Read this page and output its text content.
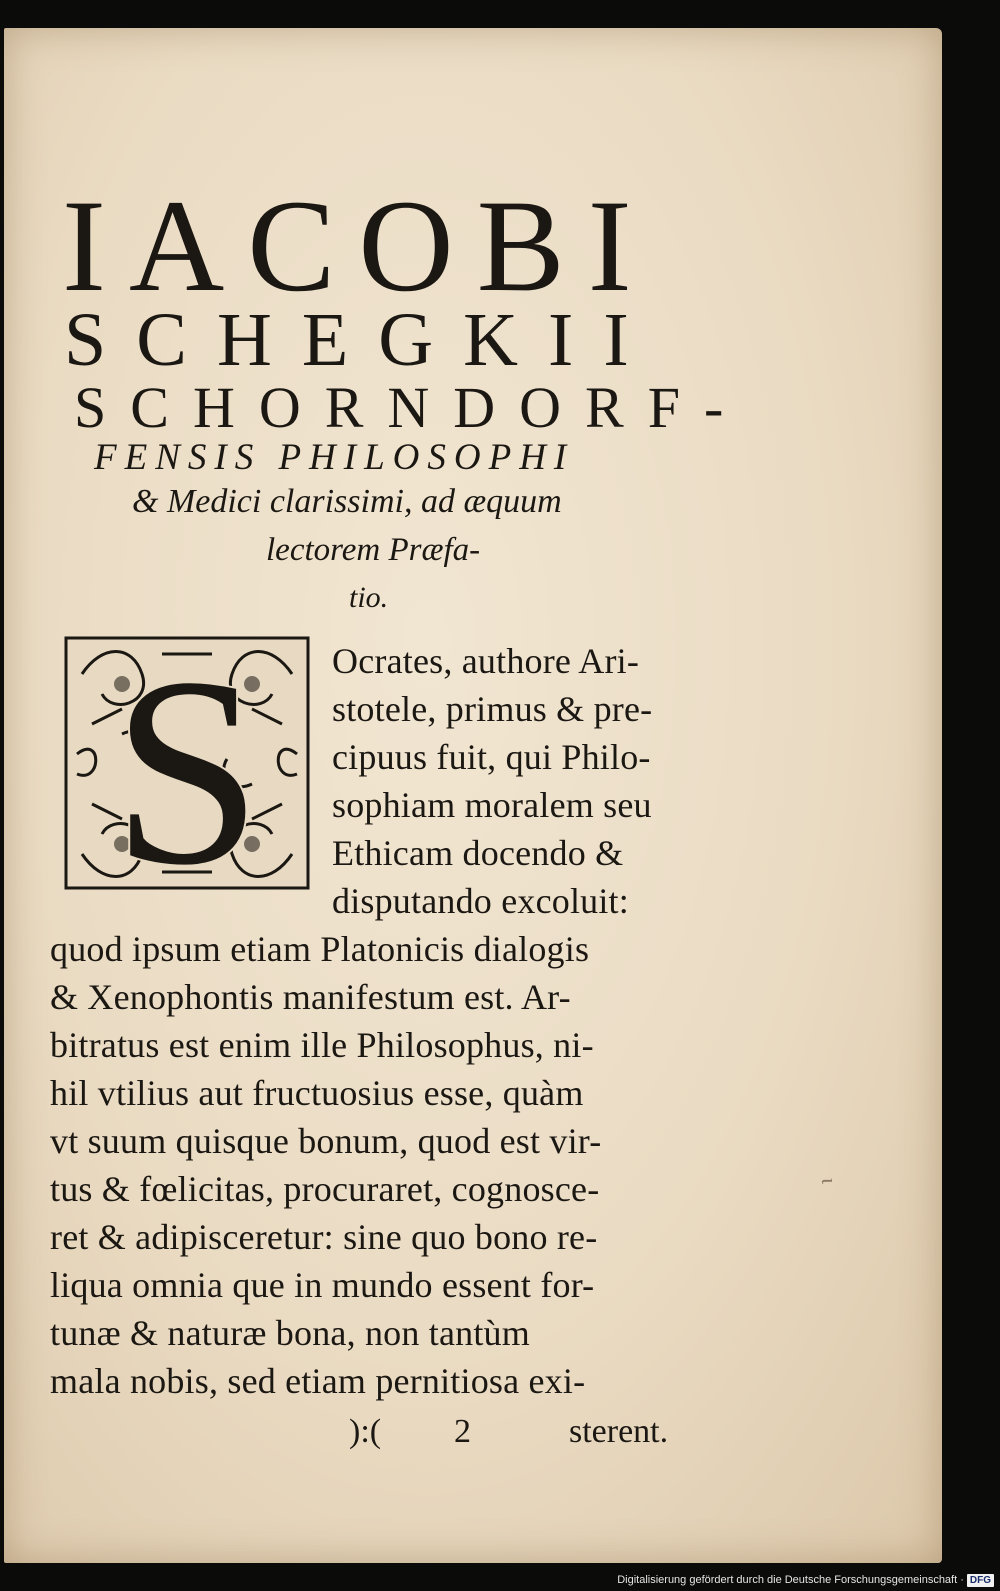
IACOBI
SCHEGKII
SCHORNDORF-
FENSIS PHILOSOPHI
& Medici clarissimi, ad æquum
lectorem Præfa-
tio.
S Ocrates, authore Ari-
stotele, primus & pre-
cipuus fuit, qui Philo-
sophiam moralem seu
Ethicam docendo &
disputando excoluit:
quod ipsum etiam Platonicis dialogis
& Xenophontis manifestum est. Ar-
bitratus est enim ille Philosophus, ni-
hil vtilius aut fructuosius esse, quàm
vt suum quisque bonum, quod est vir-
tus & fœlicitas, procuraret, cognosce-
ret & adipisceretur: sine quo bono re-
liqua omnia que in mundo essent for-
tunæ & naturæ bona, non tantùm
mala nobis, sed etiam pernitiosa exi-
):( 2	sterent.
ι
Digitalisierung gefördert durch die Deutsche Forschungsgemeinschaft · DFG
